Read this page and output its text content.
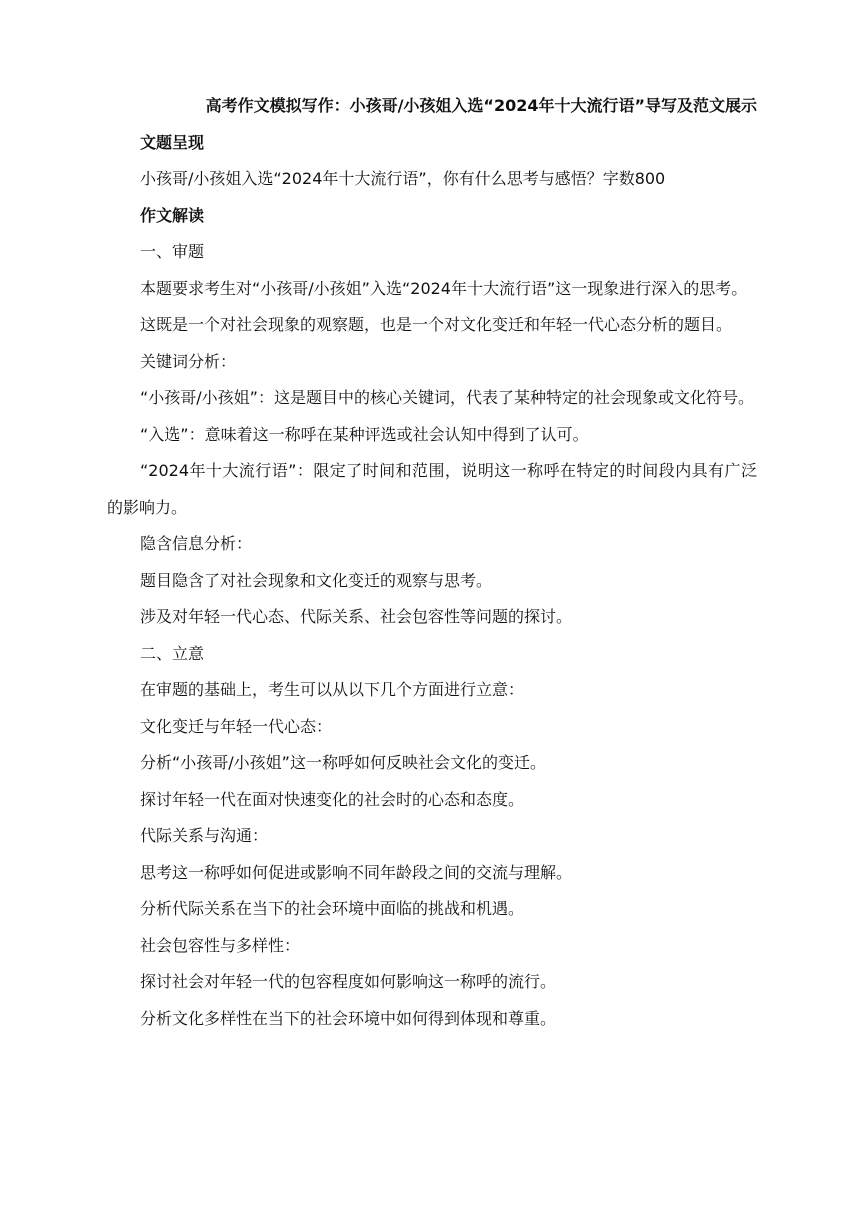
高考作文模拟写作：小孩哥/小孩姐入选“2024年十大流行语”导写及范文展示
文题呈现
小孩哥/小孩姐入选“2024年十大流行语”，你有什么思考与感悟？字数800
作文解读
一、审题
本题要求考生对“小孩哥/小孩姐”入选“2024年十大流行语”这一现象进行深入的思考。
这既是一个对社会现象的观察题，也是一个对文化变迁和年轻一代心态分析的题目。
关键词分析：
“小孩哥/小孩姐”：这是题目中的核心关键词，代表了某种特定的社会现象或文化符号。
“入选”：意味着这一称呼在某种评选或社会认知中得到了认可。
“2024年十大流行语”：限定了时间和范围，说明这一称呼在特定的时间段内具有广泛的影响力。
隐含信息分析：
题目隐含了对社会现象和文化变迁的观察与思考。
涉及对年轻一代心态、代际关系、社会包容性等问题的探讨。
二、立意
在审题的基础上，考生可以从以下几个方面进行立意：
文化变迁与年轻一代心态：
分析“小孩哥/小孩姐”这一称呼如何反映社会文化的变迁。
探讨年轻一代在面对快速变化的社会时的心态和态度。
代际关系与沟通：
思考这一称呼如何促进或影响不同年龄段之间的交流与理解。
分析代际关系在当下的社会环境中面临的挑战和机遇。
社会包容性与多样性：
探讨社会对年轻一代的包容程度如何影响这一称呼的流行。
分析文化多样性在当下的社会环境中如何得到体现和尊重。
